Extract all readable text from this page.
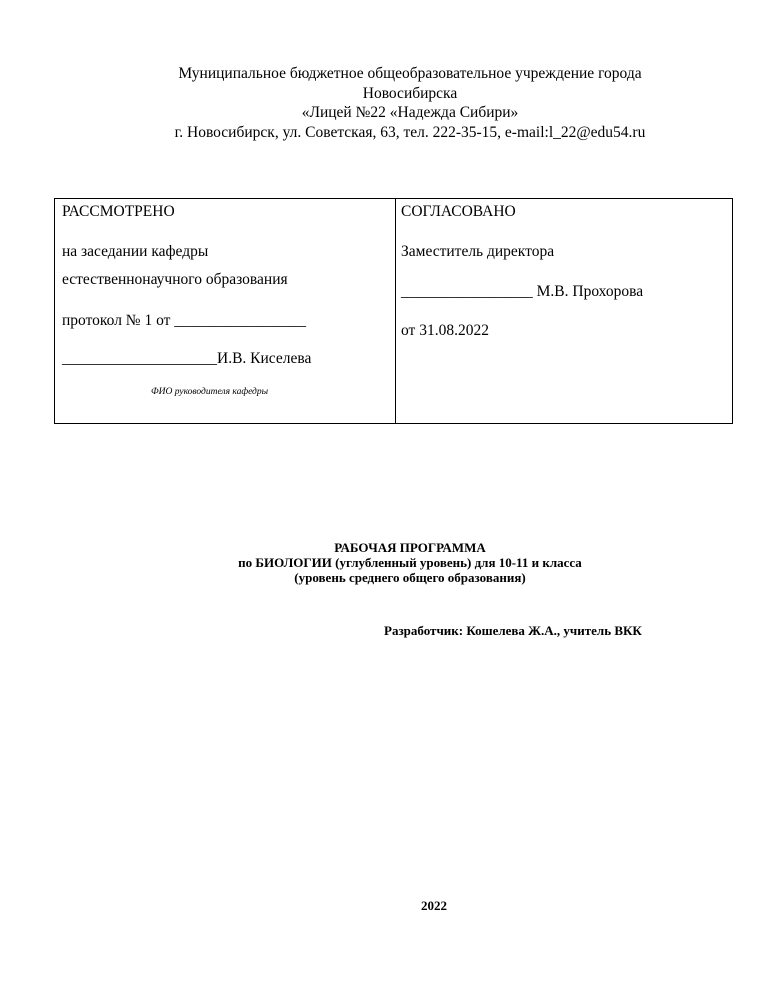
Муниципальное бюджетное общеобразовательное учреждение города
Новосибирска
«Лицей №22 «Надежда Сибири»
г. Новосибирск, ул. Советская, 63, тел. 222-35-15, e-mail:l_22@edu54.ru
РАССМОТРЕНО
на заседании кафедры
естественнонаучного образования
протокол № 1 от _________________
____________________И.В. Киселева
ФИО руководителя кафедры
СОГЛАСОВАНО
Заместитель директора
_________________ М.В. Прохорова
от 31.08.2022
РАБОЧАЯ ПРОГРАММА
по БИОЛОГИИ (углубленный уровень) для 10-11 и класса
(уровень среднего общего образования)
Разработчик: Кошелева Ж.А., учитель ВКК
2022
